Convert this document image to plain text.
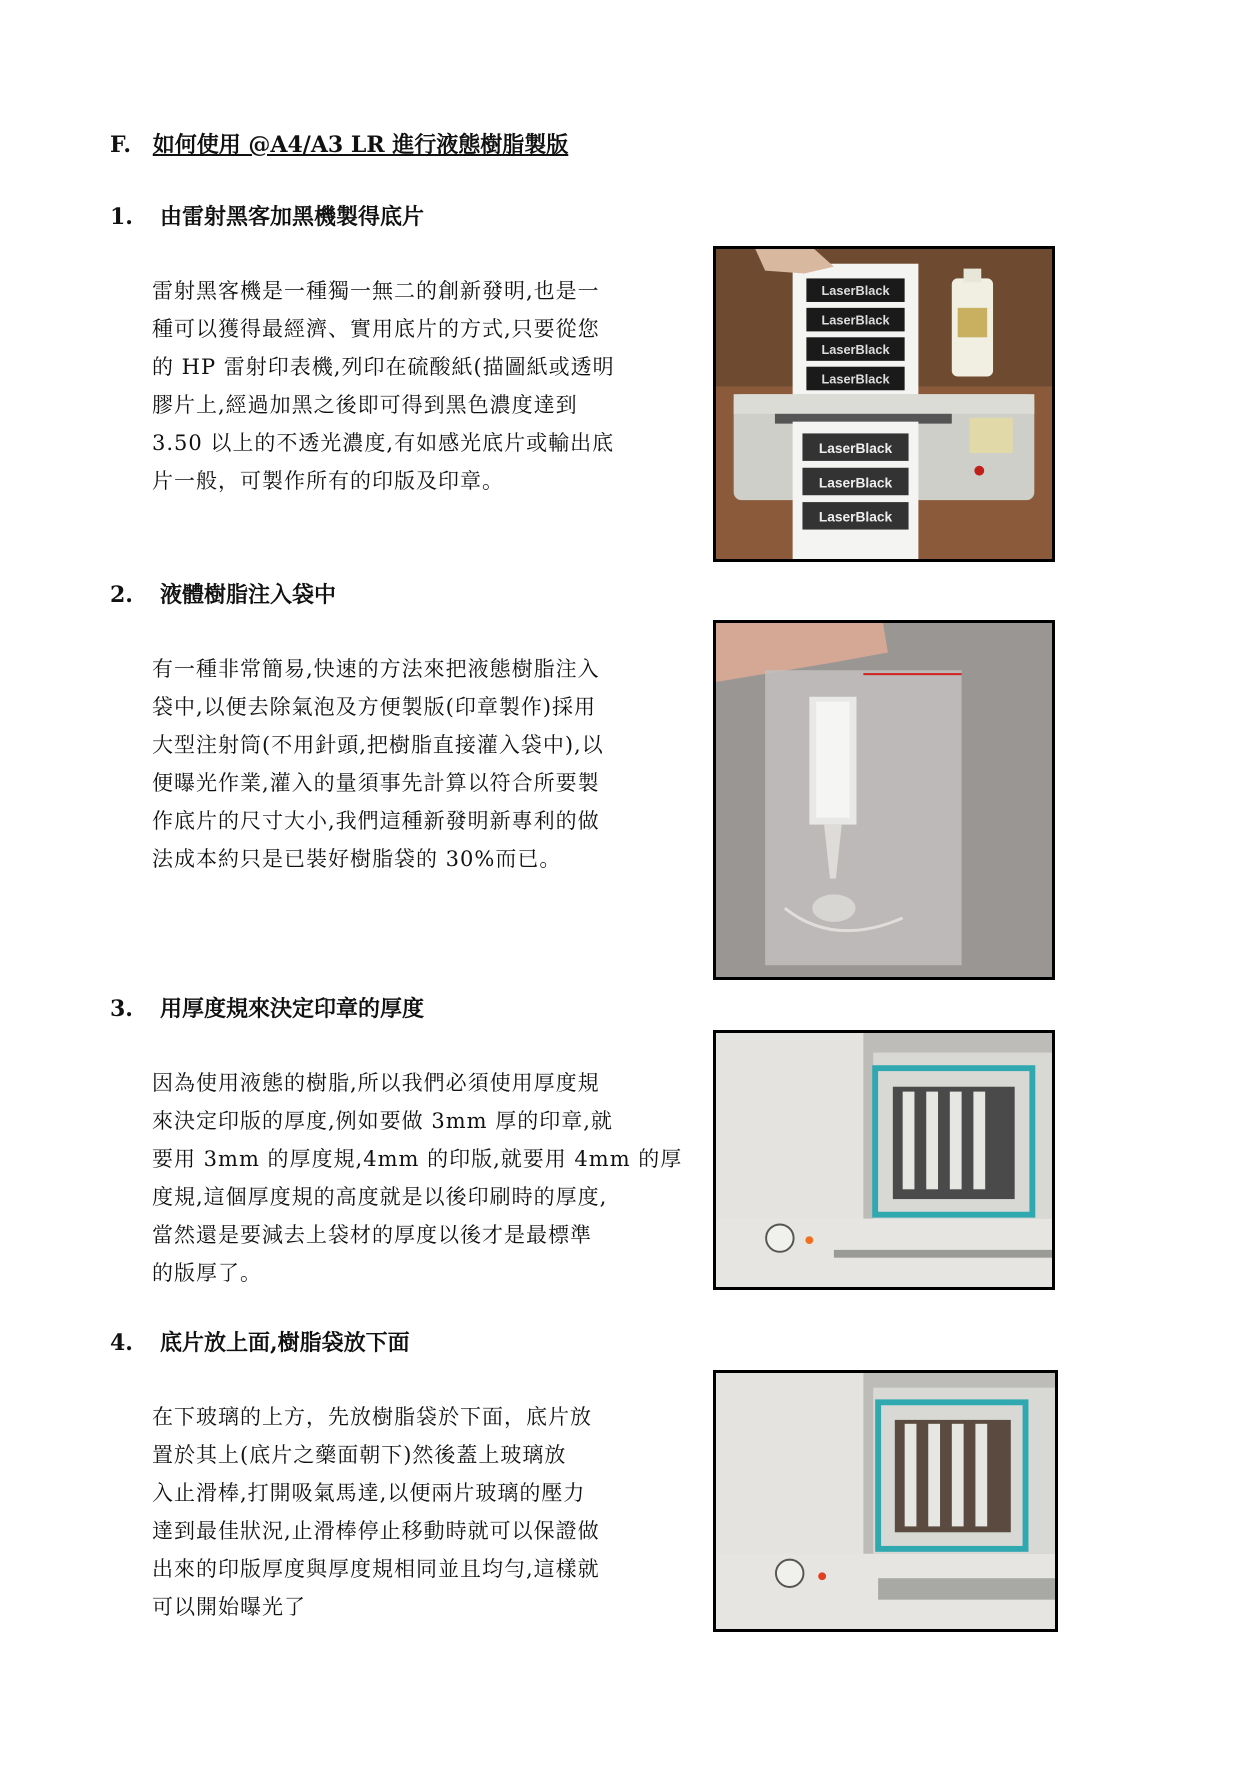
F. 如何使用 @A4/A3 LR 進行液態樹脂製版
1. 由雷射黑客加黑機製得底片
雷射黑客機是一種獨一無二的創新發明,也是一
種可以獲得最經濟、實用底片的方式,只要從您
的 HP 雷射印表機,列印在硫酸紙(描圖紙或透明
膠片上,經過加黑之後即可得到黑色濃度達到
3.50 以上的不透光濃度,有如感光底片或輸出底
片一般，可製作所有的印版及印章。
LaserBlack
LaserBlack
LaserBlack
LaserBlack
LaserBlack
LaserBlack
LaserBlack
2. 液體樹脂注入袋中
有一種非常簡易,快速的方法來把液態樹脂注入
袋中,以便去除氣泡及方便製版(印章製作)採用
大型注射筒(不用針頭,把樹脂直接灌入袋中),以
便曝光作業,灌入的量須事先計算以符合所要製
作底片的尺寸大小,我們這種新發明新專利的做
法成本約只是已裝好樹脂袋的 30%而已。
3. 用厚度規來決定印章的厚度
因為使用液態的樹脂,所以我們必須使用厚度規
來決定印版的厚度,例如要做 3mm 厚的印章,就
要用 3mm 的厚度規,4mm 的印版,就要用 4mm 的厚
度規,這個厚度規的高度就是以後印刷時的厚度,
當然還是要減去上袋材的厚度以後才是最標準
的版厚了。
4. 底片放上面,樹脂袋放下面
在下玻璃的上方，先放樹脂袋於下面，底片放
置於其上(底片之藥面朝下)然後蓋上玻璃放
入止滑棒,打開吸氣馬達,以便兩片玻璃的壓力
達到最佳狀況,止滑棒停止移動時就可以保證做
出來的印版厚度與厚度規相同並且均勻,這樣就
可以開始曝光了
